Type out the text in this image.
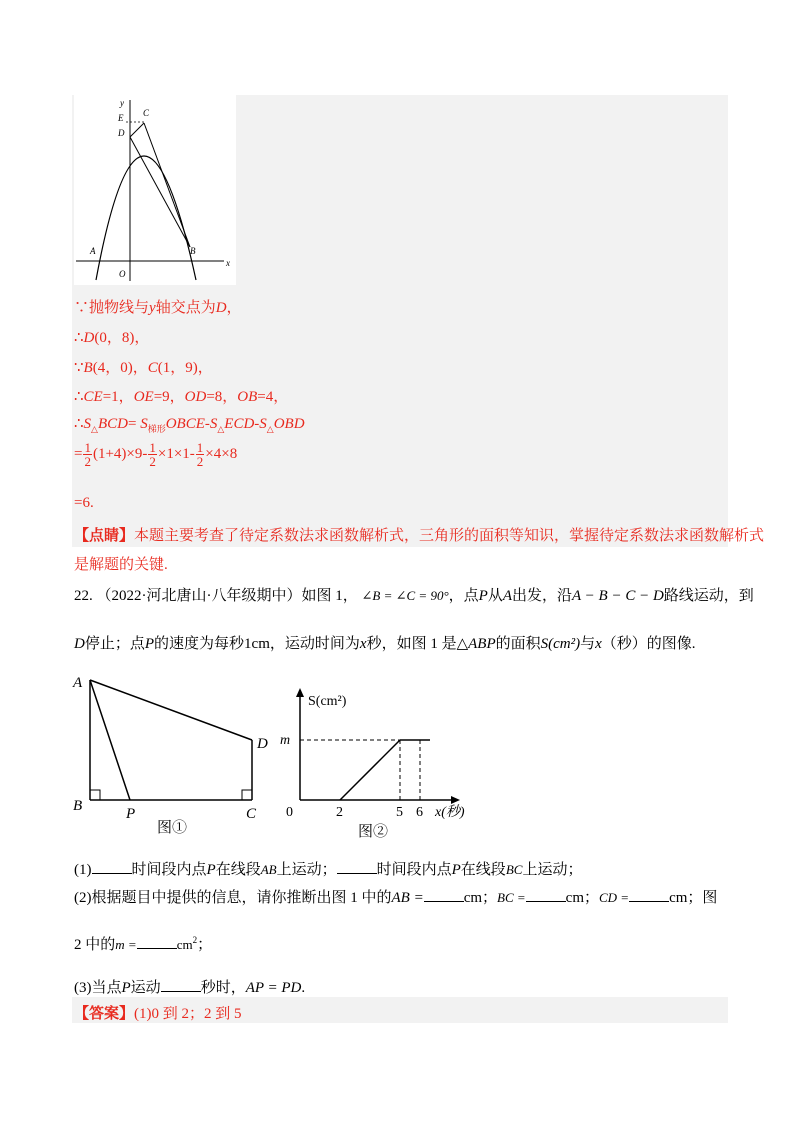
y
x
E C
D
A
O
B
∵抛物线与y轴交点为D，
∴D(0，8)，
∵B(4，0)，C(1，9)，
∴CE=1，OE=9，OD=8，OB=4，
$\therefore S_\triangle BCD=$ $S_{梯形}OBCE-S_\triangle ECD-S_\triangle OBD$
= $\frac{1}{2} (1+4)\times 9- \frac{1}{2} \times 1\times 1- \frac{1}{2} \times 4\times 8$
=6.
【点睛】本题主要考查了待定系数法求函数解析式，三角形的面积等知识，掌握待定系数法求函数解析式
是解题的关键.
22. （2022·河北唐山·八年级期中）如图 1， ∠B = ∠C = 90°，点P从A出发，沿A − B − C − D路线运动，到
D停止；点P的速度为每秒1cm，运动时间为x秒，如图 1 是△ABP的面积S(cm²)与x（秒）的图像.
A
B	P	C
D
图①
0	2	5 6
S(cm²)
m
x(秒)
图②
(1)	时间段内点P在线段AB上运动；	时间段内点P在线段BC上运动；
(2)根据题目中提供的信息，请你推断出图 1 中的AB =	cm；BC =	cm；CD =	cm；图
2 中的m =	$cm^2$；
(3)当点P运动	秒时，AP = PD.
【答案】(1)0 到 2；2 到 5
